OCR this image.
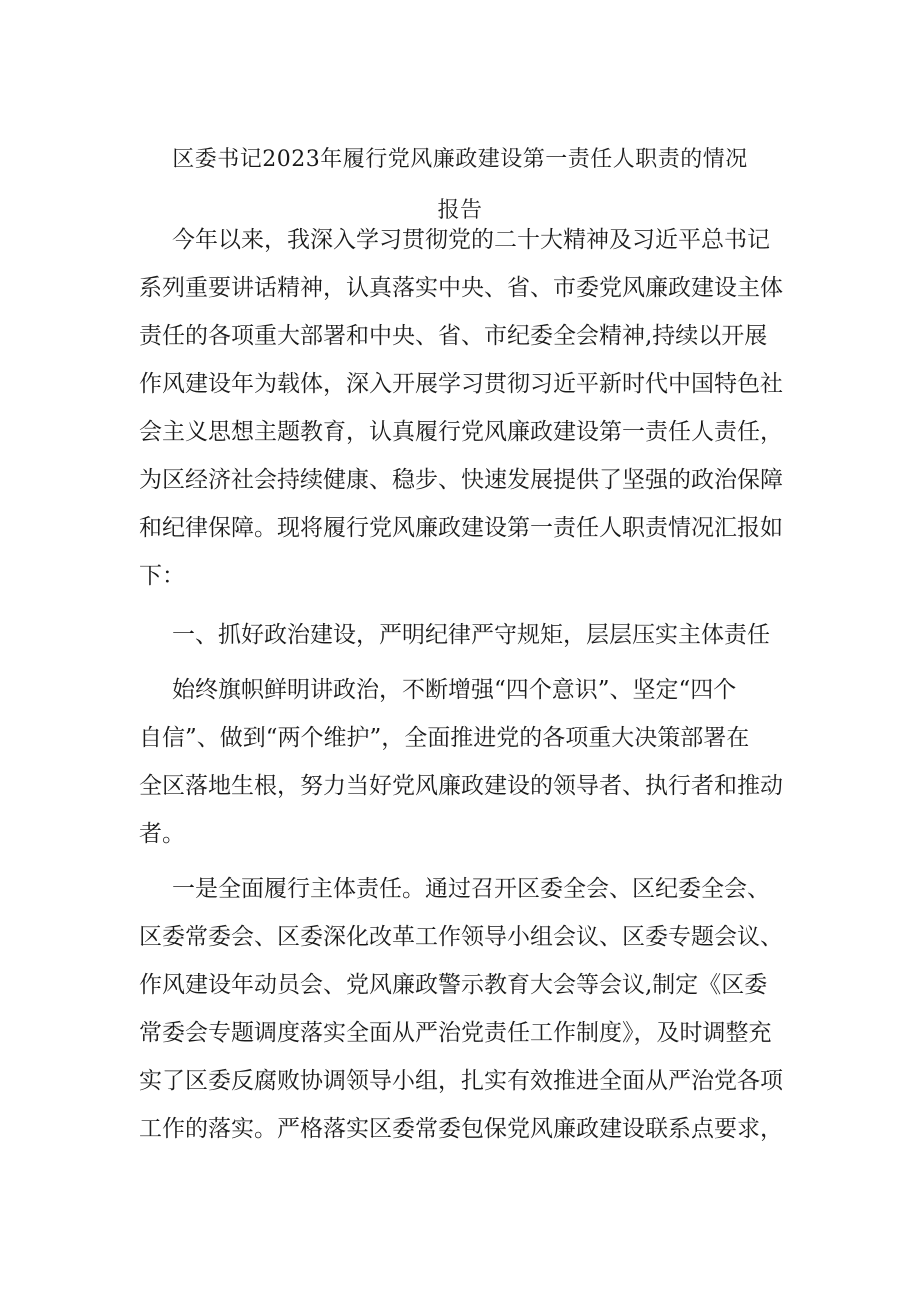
区委书记2023年履行党风廉政建设第一责任人职责的情况
报告
今年以来，我深入学习贯彻党的二十大精神及习近平总书记
系列重要讲话精神，认真落实中央、省、市委党风廉政建设主体
责任的各项重大部署和中央、省、市纪委全会精神,持续以开展
作风建设年为载体，深入开展学习贯彻习近平新时代中国特色社
会主义思想主题教育，认真履行党风廉政建设第一责任人责任，
为区经济社会持续健康、稳步、快速发展提供了坚强的政治保障
和纪律保障。现将履行党风廉政建设第一责任人职责情况汇报如
下：
一、抓好政治建设，严明纪律严守规矩，层层压实主体责任
始终旗帜鲜明讲政治，不断增强“四个意识”、坚定“四个
自信”、做到“两个维护”，全面推进党的各项重大决策部署在
全区落地生根，努力当好党风廉政建设的领导者、执行者和推动
者。
一是全面履行主体责任。通过召开区委全会、区纪委全会、
区委常委会、区委深化改革工作领导小组会议、区委专题会议、
作风建设年动员会、党风廉政警示教育大会等会议,制定《区委
常委会专题调度落实全面从严治党责任工作制度》，及时调整充
实了区委反腐败协调领导小组，扎实有效推进全面从严治党各项
工作的落实。严格落实区委常委包保党风廉政建设联系点要求，
